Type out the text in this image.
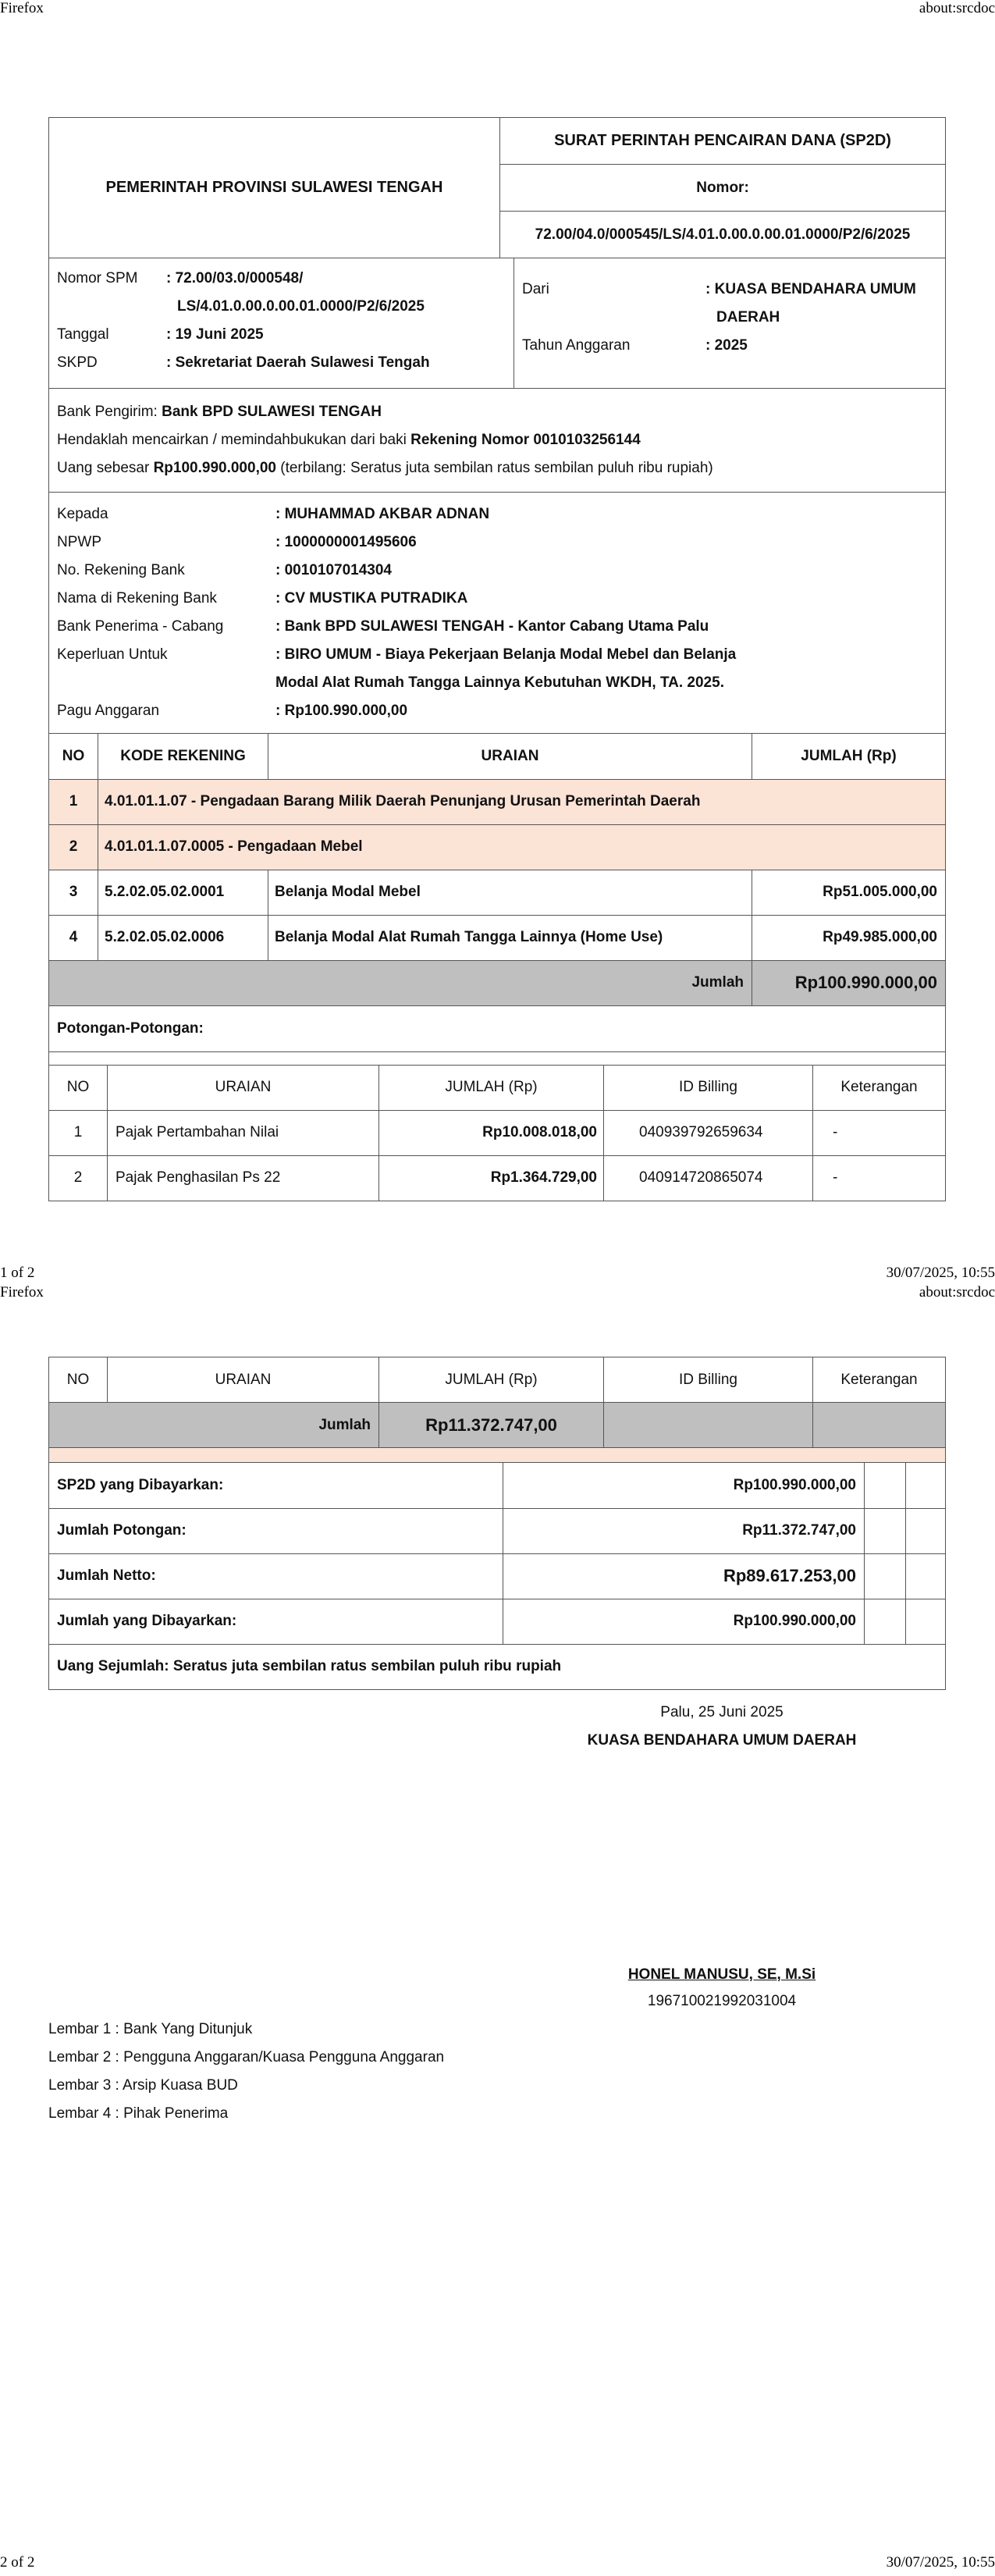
Firefox	about:srcdoc
1 of 2	30/07/2025, 10:55
Firefox	about:srcdoc
2 of 2	30/07/2025, 10:55
PEMERINTAH PROVINSI SULAWESI TENGAH	SURAT PERINTAH PENCAIRAN DANA (SP2D)
Nomor:
72.00/04.0/000545/LS/4.01.0.00.0.00.01.0000/P2/6/2025
Nomor SPM	: 72.00/03.0/000548/
	LS/4.01.0.00.0.00.01.0000/P2/6/2025
Tanggal	: 19 Juni 2025
SKPD	: Sekretariat Daerah Sulawesi Tengah

Dari	: KUASA BENDAHARA UMUM
	DAERAH
Tahun Anggaran	: 2025
Bank Pengirim: Bank BPD SULAWESI TENGAH
Hendaklah mencairkan / memindahbukukan dari baki Rekening Nomor 0010103256144
Uang sebesar Rp100.990.000,00 (terbilang: Seratus juta sembilan ratus sembilan puluh ribu rupiah)
Kepada	: MUHAMMAD AKBAR ADNAN
NPWP	: 1000000001495606
No. Rekening Bank	: 0010107014304
Nama di Rekening Bank	: CV MUSTIKA PUTRADIKA
Bank Penerima - Cabang	: Bank BPD SULAWESI TENGAH - Kantor Cabang Utama Palu
Keperluan Untuk	: BIRO UMUM - Biaya Pekerjaan Belanja Modal Mebel dan Belanja
Modal Alat Rumah Tangga Lainnya Kebutuhan WKDH, TA. 2025.
Pagu Anggaran	: Rp100.990.000,00
NO	KODE REKENING	URAIAN	JUMLAH (Rp)
1	4.01.01.1.07 - Pengadaan Barang Milik Daerah Penunjang Urusan Pemerintah Daerah		
2	4.01.01.1.07.0005 - Pengadaan Mebel		
3	5.2.02.05.02.0001	Belanja Modal Mebel	Rp51.005.000,00
4	5.2.02.05.02.0006	Belanja Modal Alat Rumah Tangga Lainnya (Home Use)	Rp49.985.000,00
Jumlah			Rp100.990.000,00
Potongan-Potongan:
NO	URAIAN	JUMLAH (Rp)	ID Billing	Keterangan
1	Pajak Pertambahan Nilai	Rp10.008.018,00	040939792659634	-
2	Pajak Penghasilan Ps 22	Rp1.364.729,00	040914720865074	-
NO	URAIAN	JUMLAH (Rp)	ID Billing	Keterangan
Jumlah		Rp11.372.747,00		
SP2D yang Dibayarkan:	Rp100.990.000,00		
Jumlah Potongan:	Rp11.372.747,00		
Jumlah Netto:	Rp89.617.253,00		
Jumlah yang Dibayarkan:	Rp100.990.000,00		
Uang Sejumlah: Seratus juta sembilan ratus sembilan puluh ribu rupiah			
Palu, 25 Juni 2025
KUASA BENDAHARA UMUM DAERAH
HONEL MANUSU, SE, M.Si
196710021992031004
Lembar 1 : Bank Yang Ditunjuk
Lembar 2 : Pengguna Anggaran/Kuasa Pengguna Anggaran
Lembar 3 : Arsip Kuasa BUD
Lembar 4 : Pihak Penerima
